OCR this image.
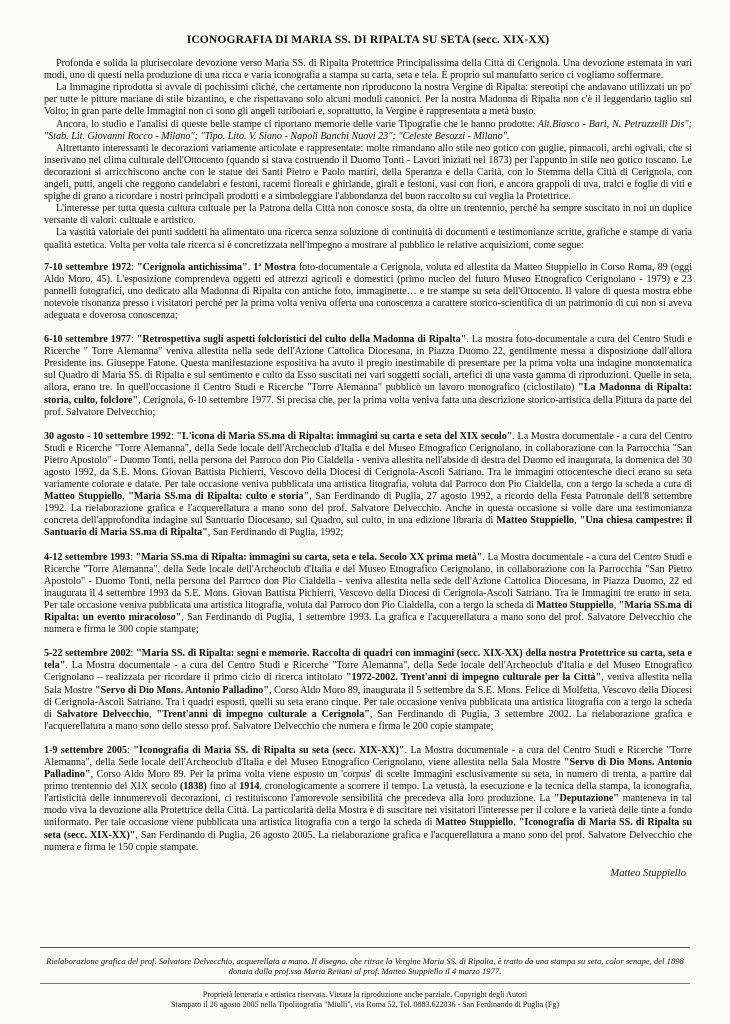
ICONOGRAFIA DI MARIA SS. DI RIPALTA SU SETA (secc. XIX-XX)

Profonda e solida la plurisecolare devozione verso Maria SS. di Ripalta Protettrice Principalissima della Città di Cerignola. Una devozione estemata in vari modi, uno di questi nella produzione di una ricca e varia iconografia a stampa su carta, seta e tela. È proprio sul manufatto serico ci vogliamo soffermare.

La Immagine riprodotta si avvale di pochissimi cliché, che certamente non riproducono la nostra Vergine di Ripalta: stereotipi che andavano utilizzati un po' per tutte le pitture mariane di stile bizantino, e che rispettavano solo alcuni moduli canonici. Per la nostra Madonna di Ripalta non c'è il leggendario taglio sul Volto; in gran parte delle Immagini non ci sono gli angeli turiboiari e, soprattutto, la Vergine è rappresentata a metà busto.

Ancora, lo studio e l'analisi di queste belle stampe ci riportano memorie delle varie Tipografie che le hanno prodotte: Alt.Biasco - Bari, N. Petruzzelli Dis"; "Stab. Lit. Giovanni Rocco - Milano"; "Tipo. Lito. V. Siano - Napoli Banchi Nuovi 23"; "Celeste Besozzi - Milano".

Altrettanto interessanti le decorazioni variamente articolate e rappresentate: molte rimandano allo stile neo gotico con guglie, pinnacoli, archi ogivali, che si inserivano nel clima culturale dell'Ottocento (quando si stava costruendo il Duomo Tonti - Lavori iniziati nel 1873) per l'appunto in stile neo gotico toscano. Le decorazioni si arricchiscono anche con le statue dei Santi Pietro e Paolo martiri, della Speranza e della Carità, con lo Stemma della Città di Cerignola, con angeli, putti, angeli che reggono candelabri e festoni, racemi floreali e ghirlande, girali e festoni, vasi con fiori, e ancora grappoli di uva, tralci e foglie di viti e spighe di grano a ricordare i nostri principali prodotti e a simboleggiare l'abbondanza del buon raccolto su cui veglia la Protettrice.

L'interesse per tutta questa cultura cultuale per la Patrona della Città non conosce sosta, da oltre un trentennio, perché ha sempre suscitato in noi un duplice versante di valori: cultuale e artistico.

La vastità valoriale dei punti suddetti ha alimentato una ricerca senza soluzione di continuità di documenti e testimonianze scritte, grafiche e stampe di varia qualità estetica. Volta per volta tale ricerca si è concretizzata nell'impegno a mostrare al pubblico le relative acquisizioni, come segue:

7-10 settembre 1972: "Cerignola antichissima". 1ª Mostra foto-documentale a Cerignola, voluta ed allestita da Matteo Stuppiello in Corso Roma, 89 (oggi Aldo Moro, 45). L'esposizione comprendeva oggetti ed attrezzi agricoli e domestici (primo nucleo del futuro Museo Etnografico Cerignolano - 1979) e 23 pannelli fotografici, uno dedicato alla Madonna di Ripalta con antiche foto, immaginette… e tre stampe su seta dell'Ottocento. Il valore di questa mostra ebbe notevole risonanza presso i visitatori perché per la prima volta veniva offerta una conoscenza a carattere storico-scientifica di un patrimonio di cui non si aveva adeguata e doverosa conoscenza;

6-10 settembre 1977: "Retrospettiva sugli aspetti folcloristici del culto della Madonna di Ripalta". La mostra foto-documentale a cura del Centro Studi e Ricerche " Torre Alemanna" veniva allestita nella sede dell'Azione Cattolica Diocesana, in Piazza Duomo 22, gentilmente messa a disposizione dall'allora Presidente ins. Giuseppe Fatone. Questa manifestazione espositiva ha avuto il pregio inestimabile di presentare per la prima volta una indagine monotematica sul Quadro di Maria SS. di Ripalta e sul sentimento e culto da Esso suscitati nei vari soggetti sociali, artefici di una vasta gamma di riproduzioni. Quelle in seta, allora, erano tre. In quell'occasione il Centro Studi e Ricerche "Torre Alemanna" pubblicò un lavoro monografico (ciclostilato) "La Madonna di Ripalta: storia, culto, folclore", Cerignola, 6-10 settembre 1977. Si precisa che, per la prima volta veniva fatta una descrizione storico-artistica della Pittura da parte del prof. Salvatore Delvecchio;

30 agosto - 10 settembre 1992: "L'icona di Maria SS.ma di Ripalta: immagini su carta e seta del XIX secolo". La Mostra documentale - a cura del Centro Studi e Ricerche "Torre Alemanna", della Sede locale dell'Archeoclub d'Italia e del Museo Etnografico Cerignolano, in collaborazione con la Parrocchia "San Pietro Apostolo" - Duomo Tonti, nella persona del Parroco don Pio Cialdella - veniva allestita nell'abside di destra del Duomo ed inaugurata, la domenica del 30 agosto 1992, da S.E. Mons. Giovan Battista Pichierri, Vescovo della Diocesi di Cerignola-Ascoli Satriano. Tra le immagini ottocentesche dieci erano su seta variamente colorate e datate. Per tale occasione veniva pubblicata una artistica litografia, voluta dal Parroco don Pio Cialdella, con a tergo la scheda a cura di Matteo Stuppiello, "Maria SS.ma di Ripalta: culto e storia", San Ferdinando di Puglia, 27 agosto 1992, a ricordo della Festa Patronale dell'8 settembre 1992. La rielaborazione grafica e l'acquerellatura a mano sono del prof. Salvatore Delvecchio. Anche in questa occasione si volle dare una testimonianza concreta dell'approfondita indagine sul Santuario Diocesano, sul Quadro, sul culto, in una edizione libraria di Matteo Stuppiello, "Una chiesa campestre: il Santuario di Maria SS.ma di Ripalta", San Ferdinando di Puglia, 1992;

4-12 settembre 1993: "Maria SS.ma di Ripalta: immagini su carta, seta e tela. Secolo XX prima metà". La Mostra documentale - a cura del Centro Studi e Ricerche "Torre Alemanna", della Sede locale dell'Archeoclub d'Italia e del Museo Etnografico Cerignolano, in collaborazione con la Parrocchia "San Pietro Apostolo" - Duomo Tonti, nella persona del Parroco don Pio Cialdella - veniva allestita nella sede dell'Azione Cattolica Diocesana, in Piazza Duomo, 22 ed inaugurata il 4 settembre 1993 da S.E. Mons. Giovan Battista Pichierri, Vescovo della Diocesi di Cerignola-Ascoli Satriano. Tra le Immagini tre erano in seta. Per tale occasione veniva pubblicata una artistica litografia, voluta dal Parroco don Pio Cialdella, con a tergo la scheda di Matteo Stuppiello, "Maria SS.ma di Ripalta: un evento miracoloso", San Ferdinando di Puglia, 1 settembre 1993. La grafica e l'acquerellatura a mano sono del prof. Salvatore Delvecchio che numera e firma le 300 copie stampate;

5-22 settembre 2002: "Maria SS. di Ripalta: segni e memorie. Raccolta di quadri con immagini (secc. XIX-XX) della nostra Protettrice su carta, seta e tela". La Mostra documentale - a cura del Centro Studi e Ricerche "Torre Alemanna", della Sede locale dell'Archeoclub d'Italia e del Museo Etnografico Cerignolano – realizzata per ricordare il primo ciclo di ricerca intitolato "1972-2002. Trent'anni di impegno culturale per la Città", veniva allestita nella Sala Mostre "Servo di Dio Mons. Antonio Palladino", Corso Aldo Moro 89, inaugurata il 5 settembre da S.E. Mons. Felice di Molfetta, Vescovo della Diocesi di Cerignola-Ascoli Satriano. Tra i quadri esposti, quelli su seta erano cinque. Per tale occasione veniva pubblicata una artistica litografia con a tergo la scheda di Salvatore Delvecchio, "Trent'anni di impegno culturale a Cerignola", San Ferdinando di Puglia, 3 settembre 2002. La rielaborazione grafica e l'acquerellatura a mano sono dello stesso prof. Salvatore Delvecchio che numera e firma le 200 copie stampate;

1-9 settembre 2005: "Iconografia di Maria SS. di Ripalta su seta (secc. XIX-XX)". La Mostra documentale - a cura del Centro Studi e Ricerche "Torre Alemanna", della Sede locale dell'Archeoclub d'Italia e del Museo Etnografico Cerignolano, viene allestita nella Sala Mostre "Servo di Dio Mons. Antonio Palladino", Corso Aldo Moro 89. Per la prima volta viene esposto un 'corpus' di scelte Immagini esclusivamente su seta, in numero di trenta, a partire dal primo trentennio del XIX secolo (1838) fino al 1914, cronologicamente a scorrere il tempo. La vetustà, la esecuzione e la tecnica della stampa, la iconografia, l'artisticità delle innumerevoli decorazioni, ci restituiscono l'amorevole sensibilità che precedeva alla loro produzione. La "Deputazione" manteneva in tal modo viva la devozione alla Protettrice della Città. La particolarità della Mostra è di suscitare nei visitatori l'interesse per il colore e la varietà delle tinte a fondo uniformato. Per tale occasione viene pubblicata una artistica litografia con a tergo la scheda di Matteo Stuppiello, "Iconografia di Maria SS. di Ripalta su seta (secc. XIX-XX)", San Ferdinando di Puglia, 26 agosto 2005. La rielaborazione grafica e l'acquerellatura a mano sono del prof. Salvatore Delvecchio che numera e firma le 150 copie stampate.

Matteo Stuppiello
Rielaborazione grafica del prof. Salvatore Delvecchio, acquerellata a mano. Il disegno, che ritrae la Vergine Maria SS. di Ripalta, è tratto da una stampa su seta, color senape, del 1898 donata dalla prof.ssa Maria Reitani al prof. Matteo Stuppiello il 4 marzo 1977.
Proprietà letteraria e artistica riservata. Vietata la riproduzione anche parziale. Copyright degli Autori
Stampato il 26 agosto 2005 nella Tipolitografia "Miulli", via Roma 52, Tel. 0883.622036 - San Ferdinando di Puglia (Fg)
